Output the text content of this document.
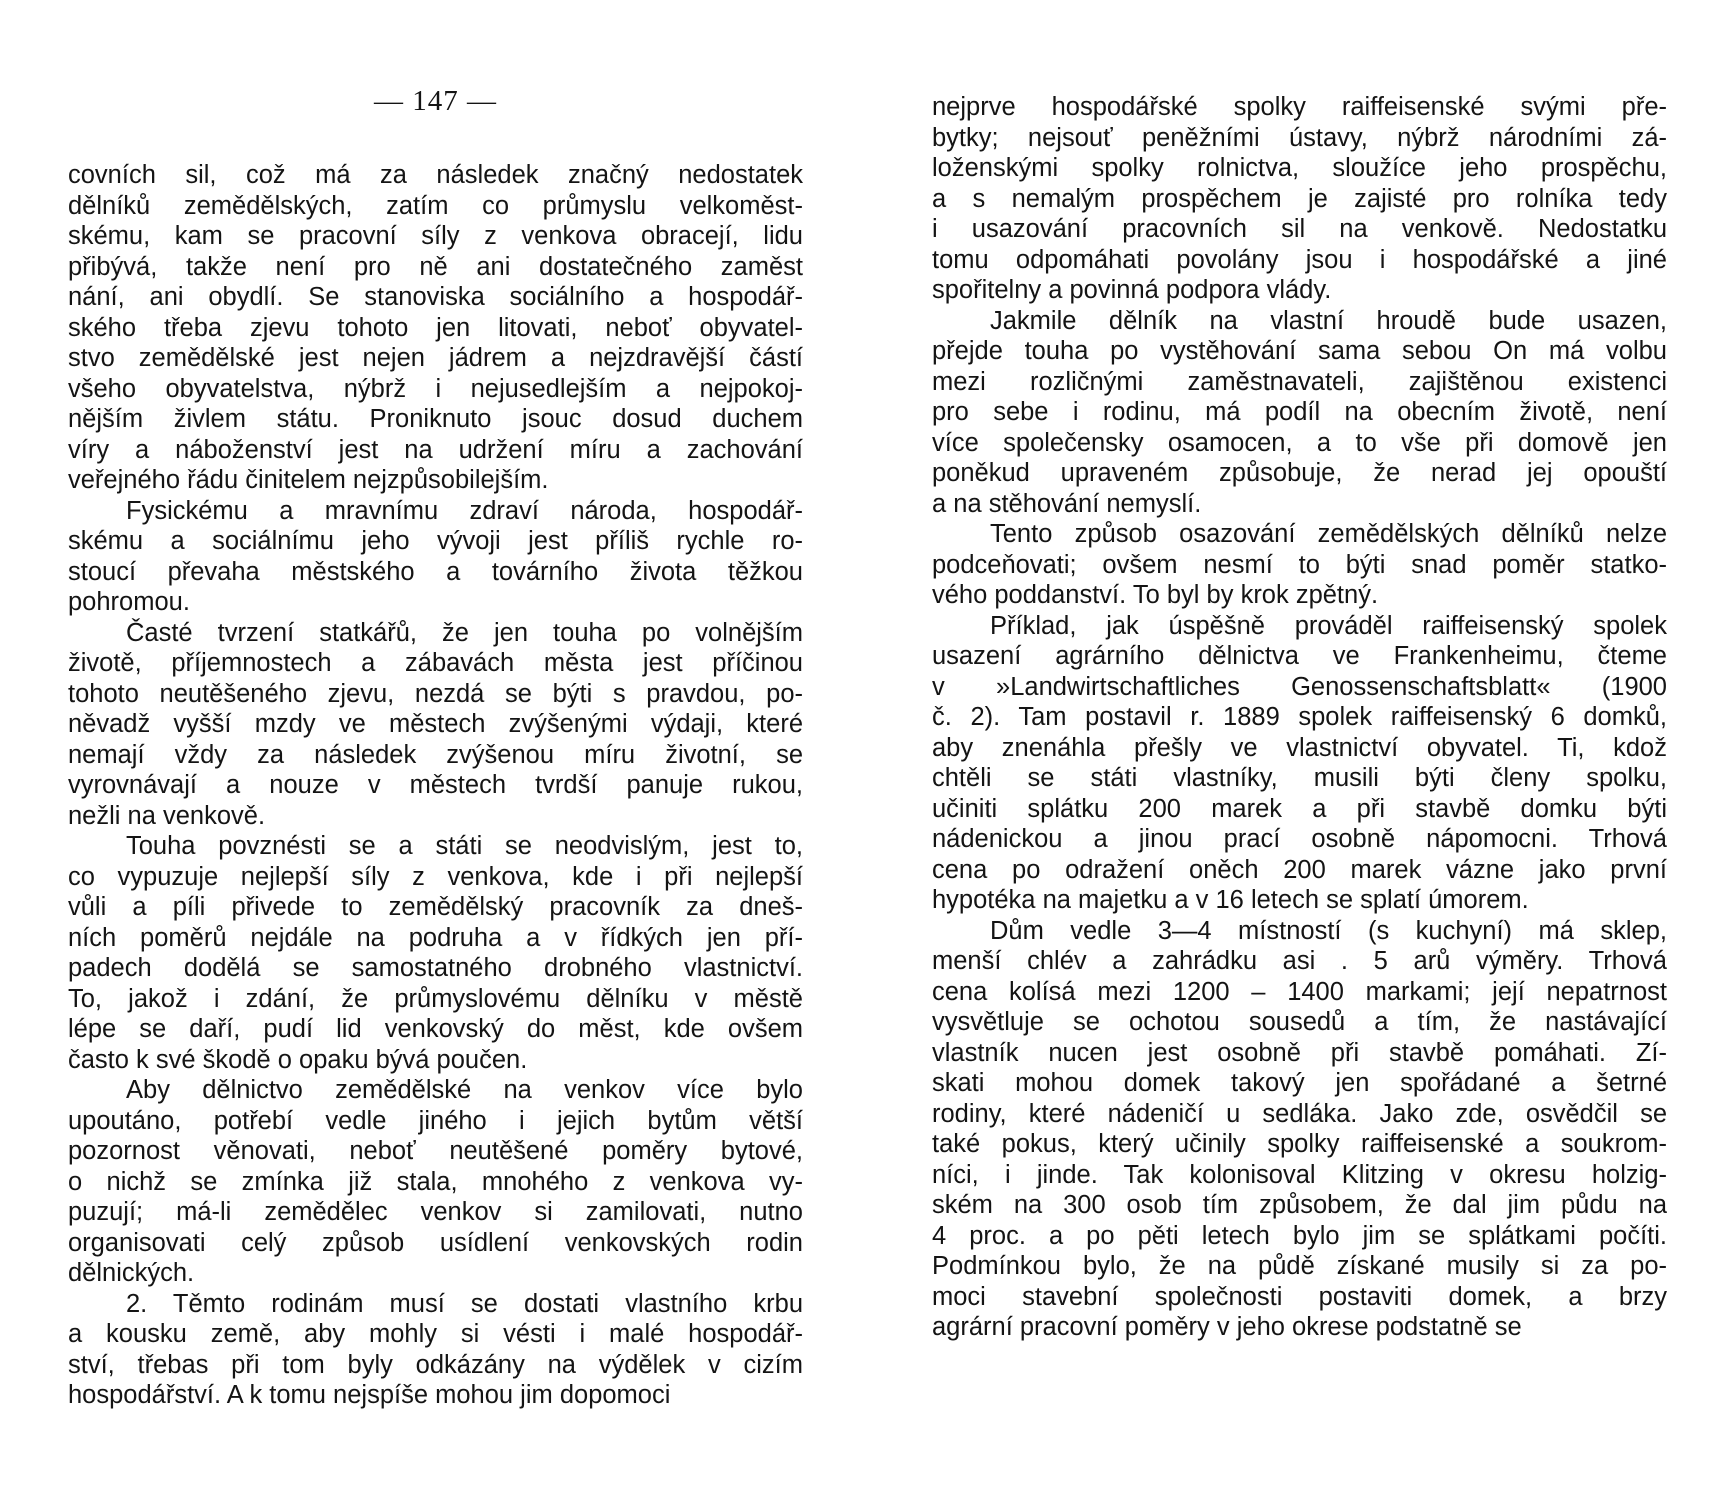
— 147 —
covních sil, což má za následek značný nedostatek
dělníků zemědělských, zatím co průmyslu velkoměst-
skému, kam se pracovní síly z venkova obracejí, lidu
přibývá, takže není pro ně ani dostatečného zaměst
nání, ani obydlí. Se stanoviska sociálního a hospodář-
ského třeba zjevu tohoto jen litovati, neboť obyvatel-
stvo zemědělské jest nejen jádrem a nejzdravější částí
všeho obyvatelstva, nýbrž i nejusedlejším a nejpokoj-
nějším živlem státu. Proniknuto jsouc dosud duchem
víry a náboženství jest na udržení míru a zachování
veřejného řádu činitelem nejzpůsobilejším.
Fysickému a mravnímu zdraví národa, hospodář-
skému a sociálnímu jeho vývoji jest příliš rychle ro-
stoucí převaha městského a továrního života těžkou
pohromou.
Časté tvrzení statkářů, že jen touha po volnějším
životě, příjemnostech a zábavách města jest příčinou
tohoto neutěšeného zjevu, nezdá se býti s pravdou, po-
něvadž vyšší mzdy ve městech zvýšenými výdaji, které
nemají vždy za následek zvýšenou míru životní, se
vyrovnávají a nouze v městech tvrdší panuje rukou,
nežli na venkově.
Touha povznésti se a státi se neodvislým, jest to,
co vypuzuje nejlepší síly z venkova, kde i při nejlepší
vůli a píli přivede to zemědělský pracovník za dneš-
ních poměrů nejdále na podruha a v řídkých jen pří-
padech dodělá se samostatného drobného vlastnictví.
To, jakož i zdání, že průmyslovému dělníku v městě
lépe se daří, pudí lid venkovský do měst, kde ovšem
často k své škodě o opaku bývá poučen.
Aby dělnictvo zemědělské na venkov více bylo
upoutáno, potřebí vedle jiného i jejich bytům větší
pozornost věnovati, neboť neutěšené poměry bytové,
o nichž se zmínka již stala, mnohého z venkova vy-
puzují; má-li zemědělec venkov si zamilovati, nutno
organisovati celý způsob usídlení venkovských rodin
dělnických.
2. Těmto rodinám musí se dostati vlastního krbu
a kousku země, aby mohly si vésti i malé hospodář-
ství, třebas při tom byly odkázány na výdělek v cizím
hospodářství. A k tomu nejspíše mohou jim dopomoci
nejprve hospodářské spolky raiffeisenské svými pře-
bytky; nejsouť peněžními ústavy, nýbrž národními zá-
loženskými spolky rolnictva, sloužíce jeho prospěchu,
a s nemalým prospěchem je zajisté pro rolníka tedy
i usazování pracovních sil na venkově. Nedostatku
tomu odpomáhati povolány jsou i hospodářské a jiné
spořitelny a povinná podpora vlády.
Jakmile dělník na vlastní hroudě bude usazen,
přejde touha po vystěhování sama sebou On má volbu
mezi rozličnými zaměstnavateli, zajištěnou existenci
pro sebe i rodinu, má podíl na obecním životě, není
více společensky osamocen, a to vše při domově jen
poněkud upraveném způsobuje, že nerad jej opouští
a na stěhování nemyslí.
Tento způsob osazování zemědělských dělníků nelze
podceňovati; ovšem nesmí to býti snad poměr statko-
vého poddanství. To byl by krok zpětný.
Příklad, jak úspěšně prováděl raiffeisenský spolek
usazení agrárního dělnictva ve Frankenheimu, čteme
v »Landwirtschaftliches Genossenschaftsblatt« (1900
č. 2). Tam postavil r. 1889 spolek raiffeisenský 6 domků,
aby znenáhla přešly ve vlastnictví obyvatel. Ti, kdož
chtěli se státi vlastníky, musili býti členy spolku,
učiniti splátku 200 marek a při stavbě domku býti
nádenickou a jinou prací osobně nápomocni. Trhová
cena po odražení oněch 200 marek vázne jako první
hypotéka na majetku a v 16 letech se splatí úmorem.
Dům vedle 3—4 místností (s kuchyní) má sklep,
menší chlév a zahrádku asi . 5 arů výměry. Trhová
cena kolísá mezi 1200 – 1400 markami; její nepatrnost
vysvětluje se ochotou sousedů a tím, že nastávající
vlastník nucen jest osobně při stavbě pomáhati. Zí-
skati mohou domek takový jen spořádané a šetrné
rodiny, které nádeničí u sedláka. Jako zde, osvědčil se
také pokus, který učinily spolky raiffeisenské a soukrom-
níci, i jinde. Tak kolonisoval Klitzing v okresu holzig-
ském na 300 osob tím způsobem, že dal jim půdu na
4 proc. a po pěti letech bylo jim se splátkami počíti.
Podmínkou bylo, že na půdě získané musily si za po-
moci stavební společnosti postaviti domek, a brzy
agrární pracovní poměry v jeho okrese podstatně se
